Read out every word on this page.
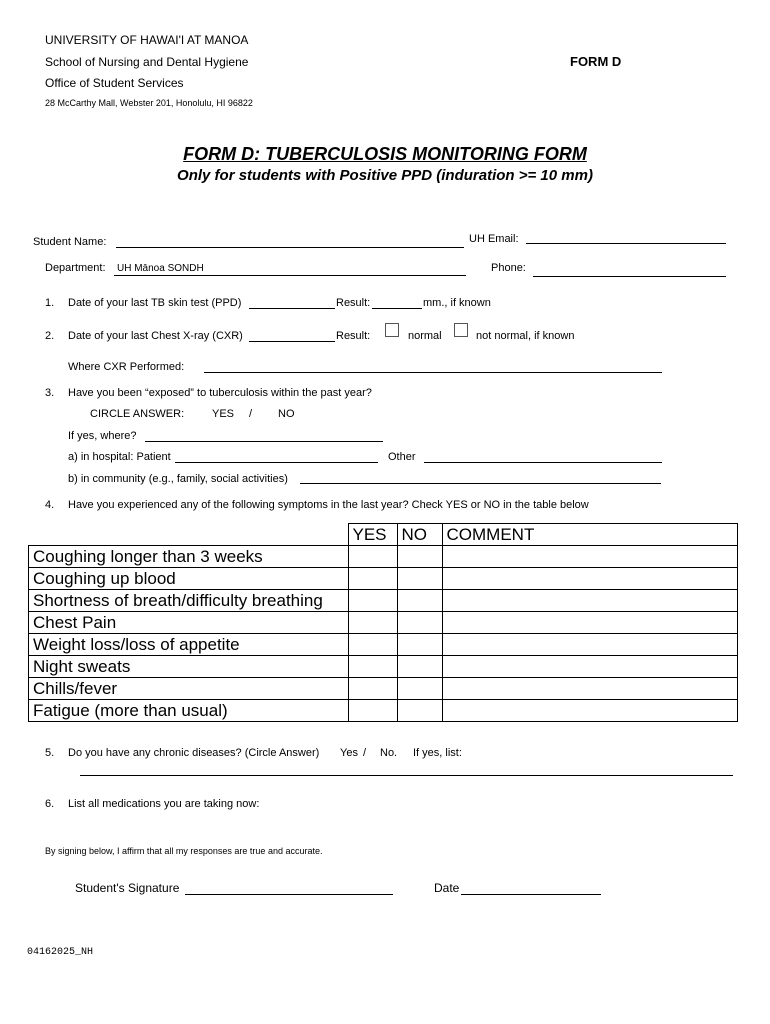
UNIVERSITY OF HAWAI'I AT MANOA
School of Nursing and Dental Hygiene
Office of Student Services
28 McCarthy Mall, Webster 201, Honolulu, HI 96822
FORM D
FORM D: TUBERCULOSIS MONITORING FORM
Only for students with Positive PPD (induration >= 10 mm)
Student Name:	UH Email:
Department: UH Mānoa SONDH	Phone:
1. Date of your last TB skin test (PPD)	Result:	mm., if known
2. Date of your last Chest X-ray (CXR)	Result:	normal	not normal, if known
Where CXR Performed:
3. Have you been “exposed” to tuberculosis within the past year?
CIRCLE ANSWER:	YES / NO
If yes, where?
a) in hospital: Patient	Other
b) in community (e.g., family, social activities)
4. Have you experienced any of the following symptoms in the last year? Check YES or NO in the table below
	YES	NO	COMMENT
Coughing longer than 3 weeks			
Coughing up blood			
Shortness of breath/difficulty breathing			
Chest Pain			
Weight loss/loss of appetite			
Night sweats			
Chills/fever			
Fatigue (more than usual)			
5. Do you have any chronic diseases? (Circle Answer) Yes / No. If yes, list:
6. List all medications you are taking now:
By signing below, I affirm that all my responses are true and accurate.
Student's Signature	Date
04162025_NH
